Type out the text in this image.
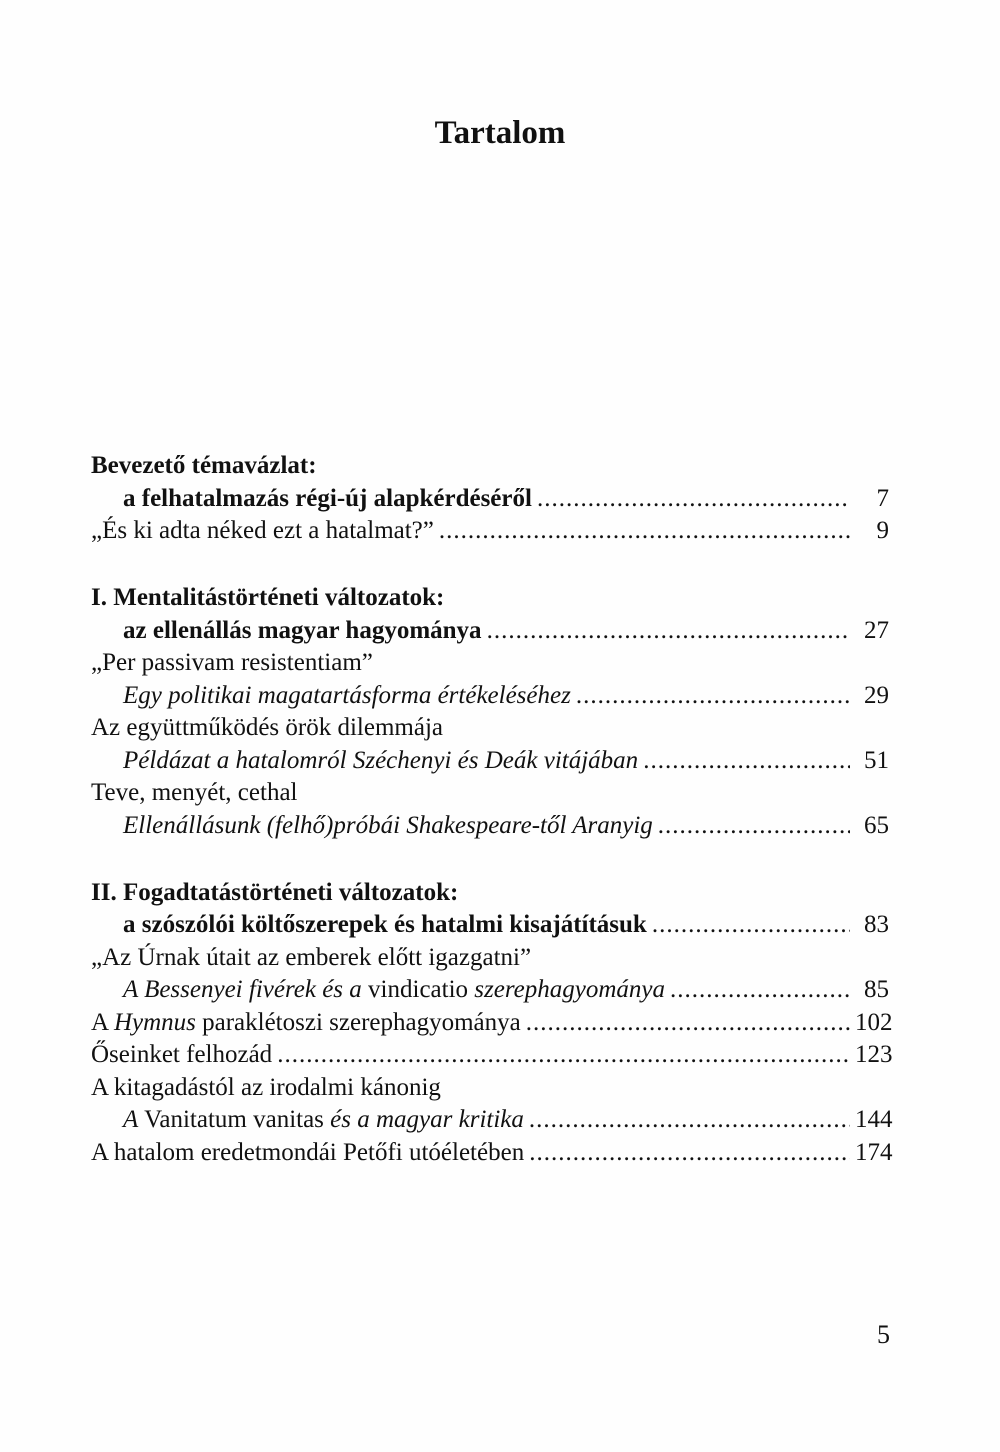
Tartalom
Bevezető témavázlat:
a felhatalmazás régi-új alapkérdéséről .....	7
„És ki adta néked ezt a hatalmat?” .....	9
I. Mentalitástörténeti változatok:
az ellenállás magyar hagyománya .....	27
„Per passivam resistentiam”
Egy politikai magatartásforma értékeléséhez .....	29
Az együttműködés örök dilemmája
Példázat a hatalomról Széchenyi és Deák vitájában .....	51
Teve, menyét, cethal
Ellenállásunk (felhő)próbái Shakespeare-től Aranyig .....	65
II. Fogadtatástörténeti változatok:
a szószólói költőszerepek és hatalmi kisajátításuk .....	83
„Az Úrnak útait az emberek előtt igazgatni”
A Bessenyei fivérek és a vindicatio szerephagyománya .....	85
A Hymnus paraklétoszi szerephagyománya .....	102
Őseinket felhozád .....	123
A kitagadástól az irodalmi kánonig
A Vanitatum vanitas és a magyar kritika .....	144
A hatalom eredetmondái Petőfi utóéletében .....	174
5
